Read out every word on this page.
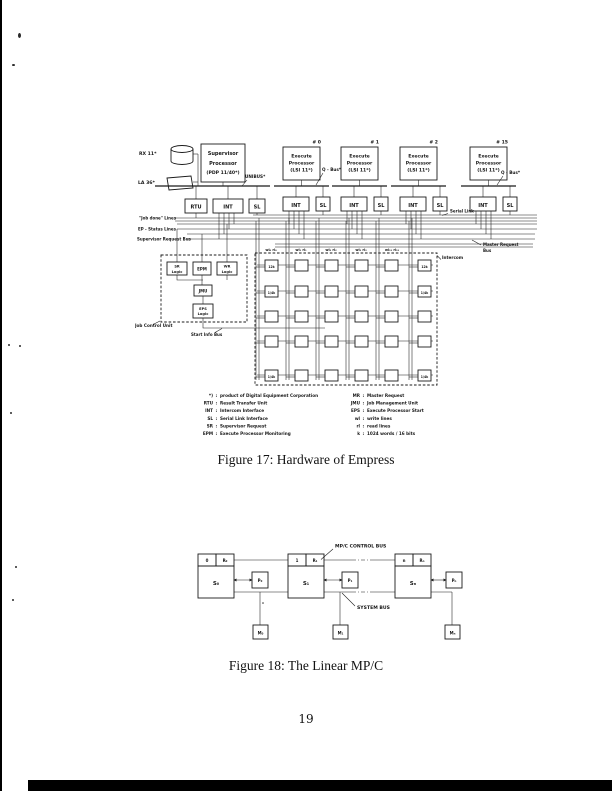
RX 11*
LA 36*
Supervisor
Processor
(PDP 11/40*)
UNIBUS*
RTU	INT	SL
# 0
Execute
Processor
(LSI 11*) Q - Bus*
INT	SL
# 1
Execute
Processor
(LSI 11*)
INT	SL
# 2
Execute
Processor
(LSI 11*)
INT	SL
# 15
Execute
Processor
(LSI 11*) Q - Bus*
INT	SL
"Job done" Lines
EP - Status Lines
Supervisor Request Bus
Serial Link
Master Request
Bus
SR
Logic
EPM	WR
Logic
JMU
EPS
Logic
Job Control Unit
Start Info Bus
wl₀ rl₀	wl₁ rl₁	wl₂ rl₂	wl₃ rl₃	wl₁₅ rl₁₅
Intercom
12k
1/4k
1/4k
12k
1/4k
1/4k
*) : product of Digital Equipment Corporation
RTU : Result Transfer Unit
INT : Intercom Interface
SL : Serial Link Interface
SR : Supervisor Request
EPM : Execute Processor Monitoring
MR : Master Request
JMU : Job Management Unit
EPS : Execute Processor Start
wl : write lines
rl : read lines
k : 1024 words / 16 bits
Figure 17: Hardware of Empress
MP/C CONTROL BUS
SYSTEM BUS
0	R₀
S₀
P₀
M₀
1	R₁
S₁
P₁
M₁
n	Rₙ
Sₙ
Pₙ
Mₙ
Figure 18: The Linear MP/C
19
